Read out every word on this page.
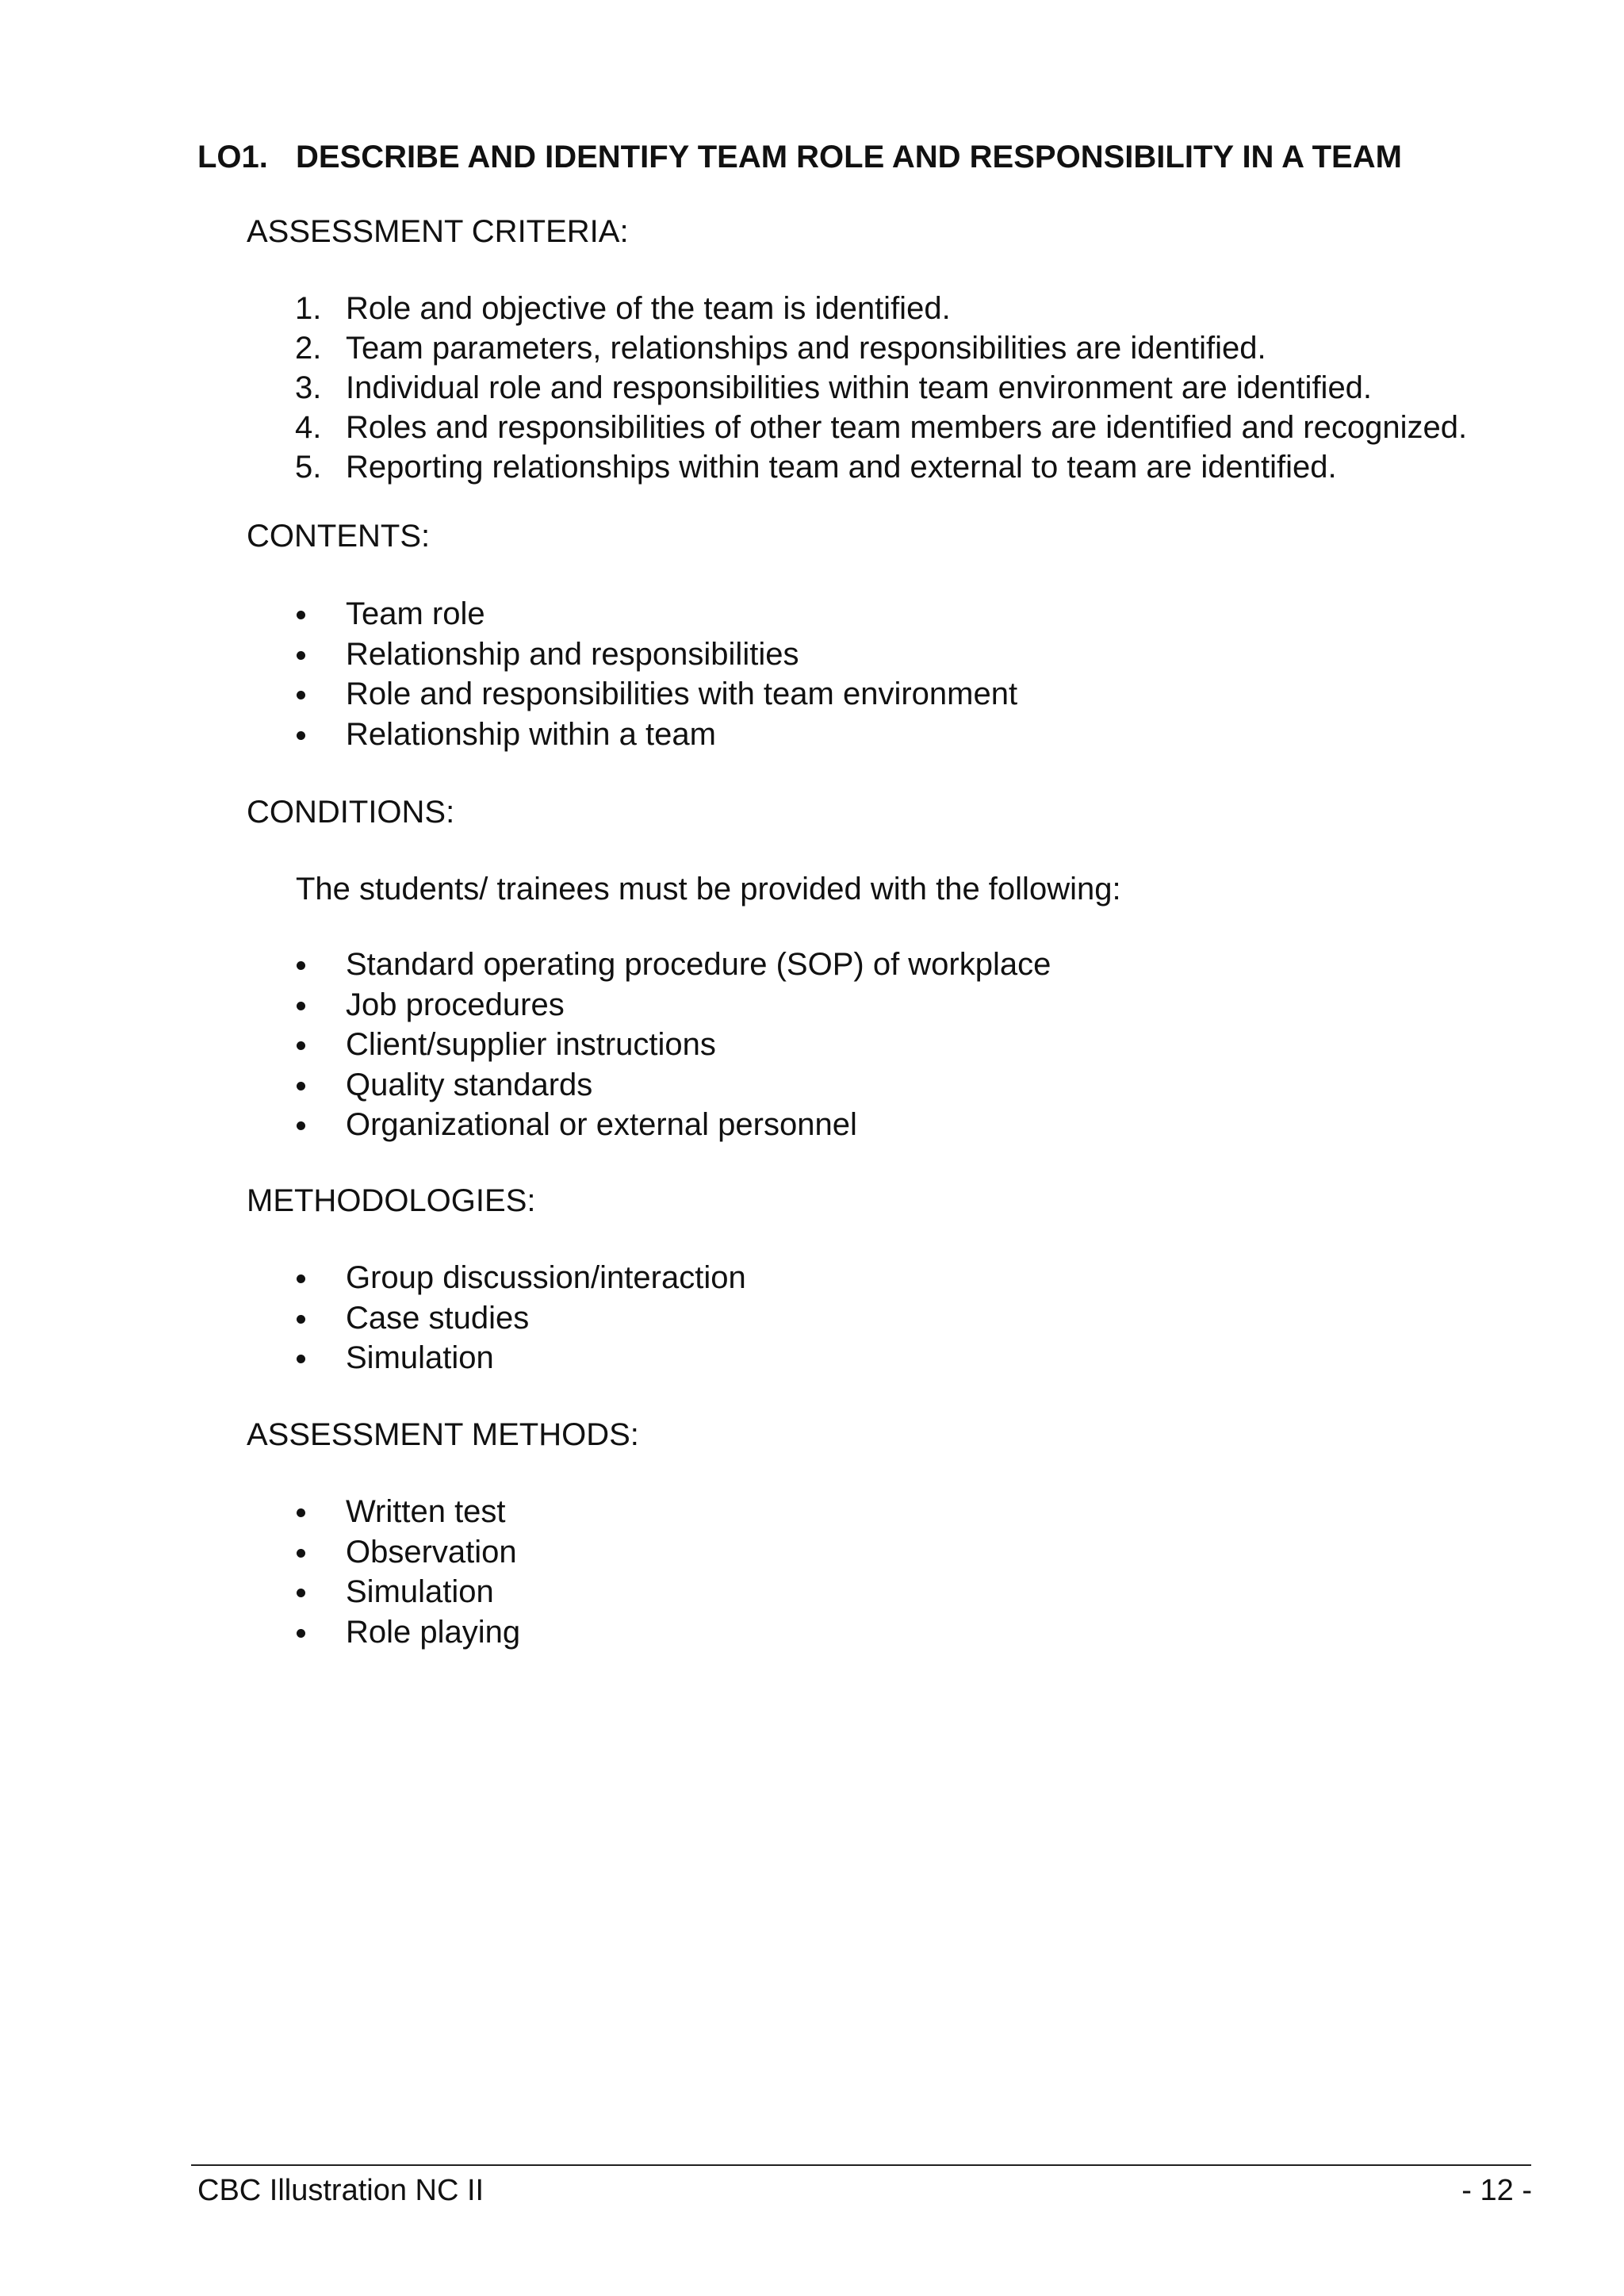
LO1. DESCRIBE AND IDENTIFY TEAM ROLE AND RESPONSIBILITY IN A TEAM
ASSESSMENT CRITERIA:
1. Role and objective of the team is identified.
2. Team parameters, relationships and responsibilities are identified.
3. Individual role and responsibilities within team environment are identified.
4. Roles and responsibilities of other team members are identified and recognized.
5. Reporting relationships within team and external to team are identified.
CONTENTS:
Team role
Relationship and responsibilities
Role and responsibilities with team environment
Relationship within a team
CONDITIONS:
The students/ trainees must be provided with the following:
Standard operating procedure (SOP) of workplace
Job procedures
Client/supplier instructions
Quality standards
Organizational or external personnel
METHODOLOGIES:
Group discussion/interaction
Case studies
Simulation
ASSESSMENT METHODS:
Written test
Observation
Simulation
Role playing
CBC Illustration NC II	- 12 -
